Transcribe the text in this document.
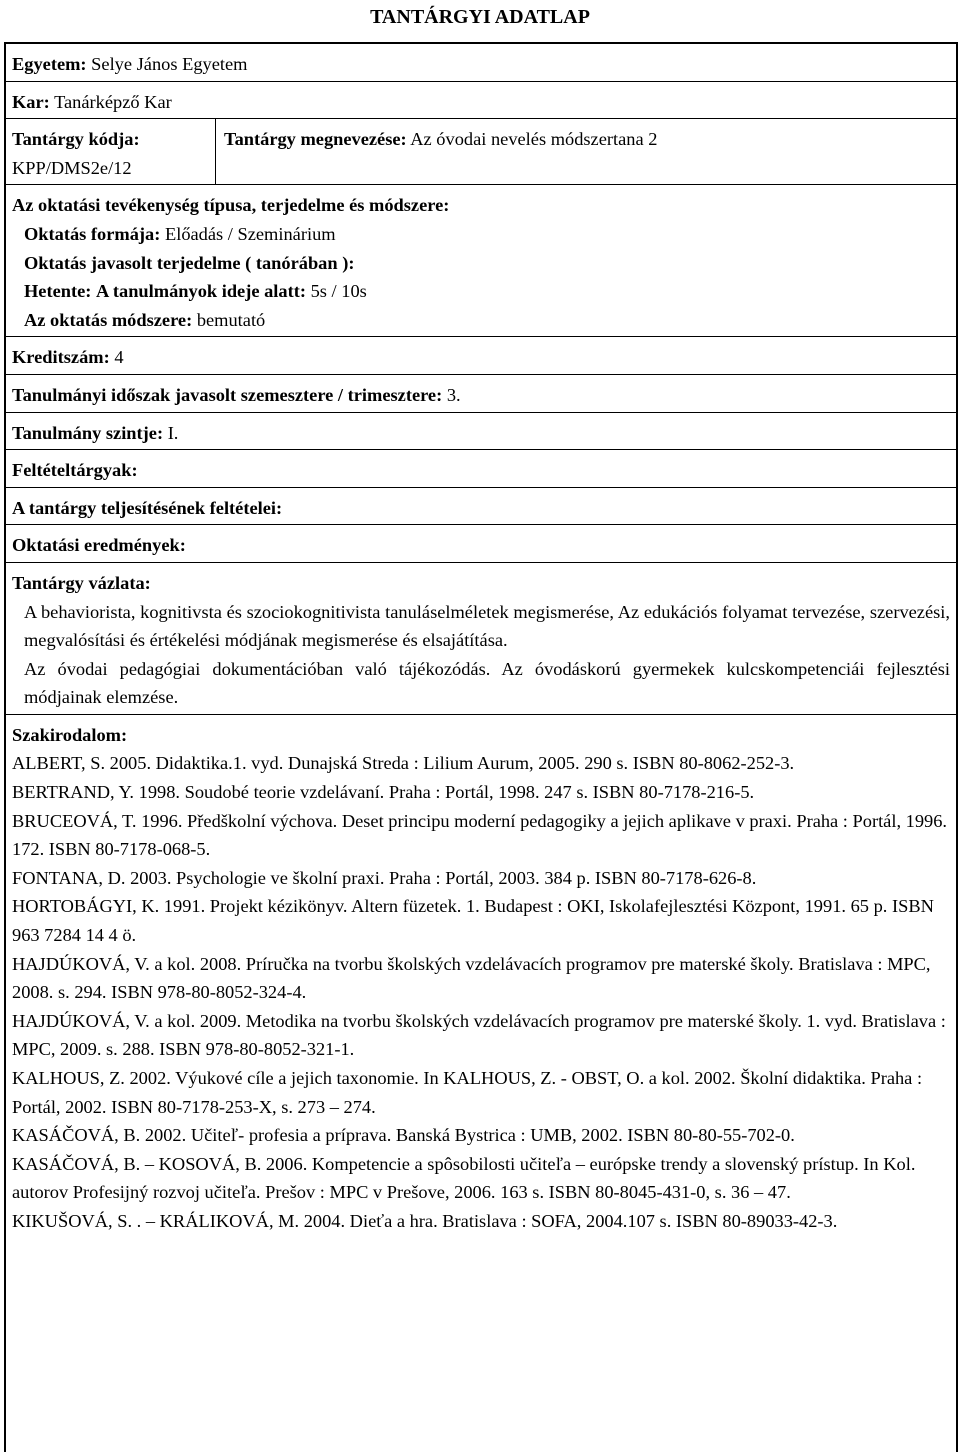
TANTÁRGYI ADATLAP
Egyetem: Selye János Egyetem
Kar: Tanárképző Kar
Tantárgy kódja:
KPP/DMS2e/12
Tantárgy megnevezése: Az óvodai nevelés módszertana 2
Az oktatási tevékenység típusa, terjedelme és módszere:
Oktatás formája: Előadás / Szeminárium
Oktatás javasolt terjedelme ( tanórában ):
Hetente: A tanulmányok ideje alatt: 5s / 10s
Az oktatás módszere: bemutató
Kreditszám: 4
Tanulmányi időszak javasolt szemesztere / trimesztere: 3.
Tanulmány szintje: I.
Feltételtárgyak:
A tantárgy teljesítésének feltételei:
Oktatási eredmények:
Tantárgy vázlata:

A behaviorista, kognitivsta és szociokognitivista tanuláselméletek megismerése, Az edukációs folyamat tervezése, szervezési, megvalósítási és értékelési módjának megismerése és elsajátítása.

Az óvodai pedagógiai dokumentációban való tájékozódás. Az óvodáskorú gyermekek kulcskompetenciái fejlesztési módjainak elemzése.

Szakirodalom:
ALBERT, S. 2005. Didaktika.1. vyd. Dunajská Streda : Lilium Aurum, 2005. 290 s. ISBN 80-8062-252-3.
BERTRAND, Y. 1998. Soudobé teorie vzdelávaní. Praha : Portál, 1998. 247 s. ISBN 80-7178-216-5.
BRUCEOVÁ, T. 1996. Předškolní výchova. Deset principu moderní pedagogiky a jejich aplikave v praxi. Praha : Portál, 1996. 172. ISBN 80-7178-068-5.
FONTANA, D. 2003. Psychologie ve školní praxi. Praha : Portál, 2003. 384 p. ISBN 80-7178-626-8.
HORTOBÁGYI, K. 1991. Projekt kézikönyv. Altern füzetek. 1. Budapest : OKI, Iskolafejlesztési Központ, 1991. 65 p. ISBN 963 7284 14 4 ö.
HAJDÚKOVÁ, V. a kol. 2008. Príručka na tvorbu školských vzdelávacích programov pre materské školy. Bratislava : MPC, 2008. s. 294. ISBN 978-80-8052-324-4.
HAJDÚKOVÁ, V. a kol. 2009. Metodika na tvorbu školských vzdelávacích programov pre materské školy. 1. vyd. Bratislava : MPC, 2009. s. 288. ISBN 978-80-8052-321-1.
KALHOUS, Z. 2002. Výukové cíle a jejich taxonomie. In KALHOUS, Z. - OBST, O. a kol. 2002. Školní didaktika. Praha : Portál, 2002. ISBN 80-7178-253-X, s. 273 – 274.
KASÁČOVÁ, B. 2002. Učiteľ- profesia a príprava. Banská Bystrica : UMB, 2002. ISBN 80-80-55-702-0.
KASÁČOVÁ, B. – KOSOVÁ, B. 2006. Kompetencie a spôsobilosti učiteľa – európske trendy a slovenský prístup. In Kol. autorov Profesijný rozvoj učiteľa. Prešov : MPC v Prešove, 2006. 163 s. ISBN 80-8045-431-0, s. 36 – 47.
KIKUŠOVÁ, S. . – KRÁLIKOVÁ, M. 2004. Dieťa a hra. Bratislava : SOFA, 2004.107 s. ISBN 80-89033-42-3.
